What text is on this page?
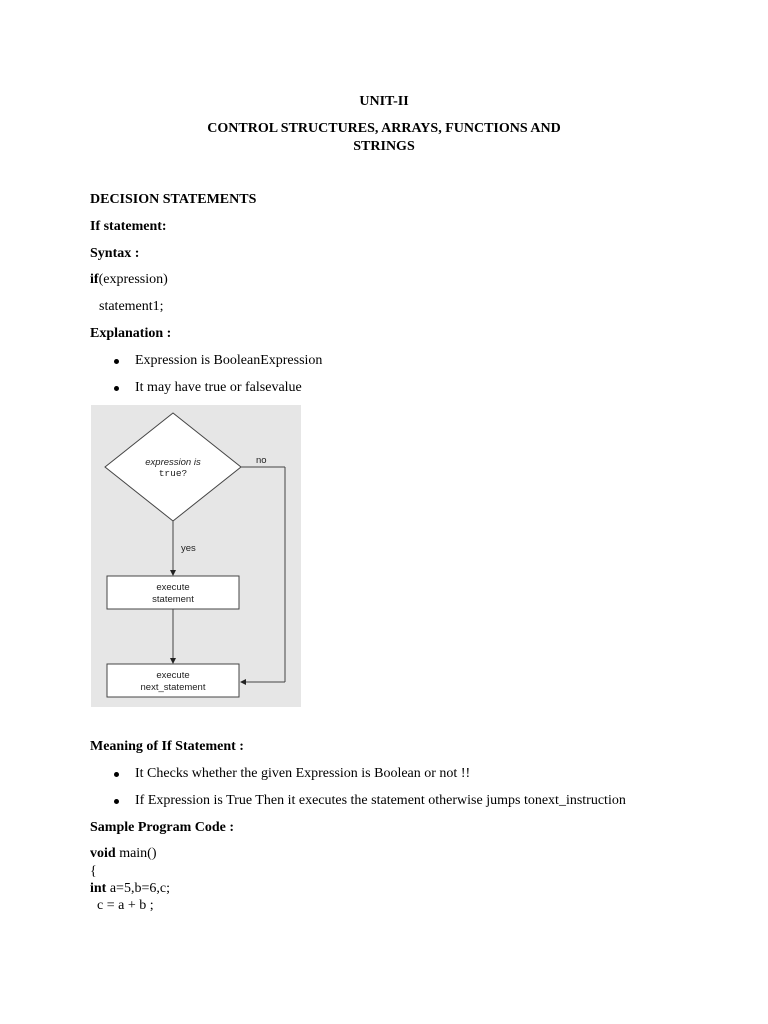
UNIT-II
CONTROL STRUCTURES, ARRAYS, FUNCTIONS AND
STRINGS
DECISION STATEMENTS
If statement:
Syntax :
if(expression)
statement1;
Explanation :
Expression is BooleanExpression
It may have true or falsevalue
expression is
true?
no
yes
execute
statement
execute
next_statement
Meaning of If Statement :
It Checks whether the given Expression is Boolean or not !!
If Expression is True Then it executes the statement otherwise jumps tonext_instruction
Sample Program Code :
void main()
{
int a=5,b=6,c;
c = a + b ;
